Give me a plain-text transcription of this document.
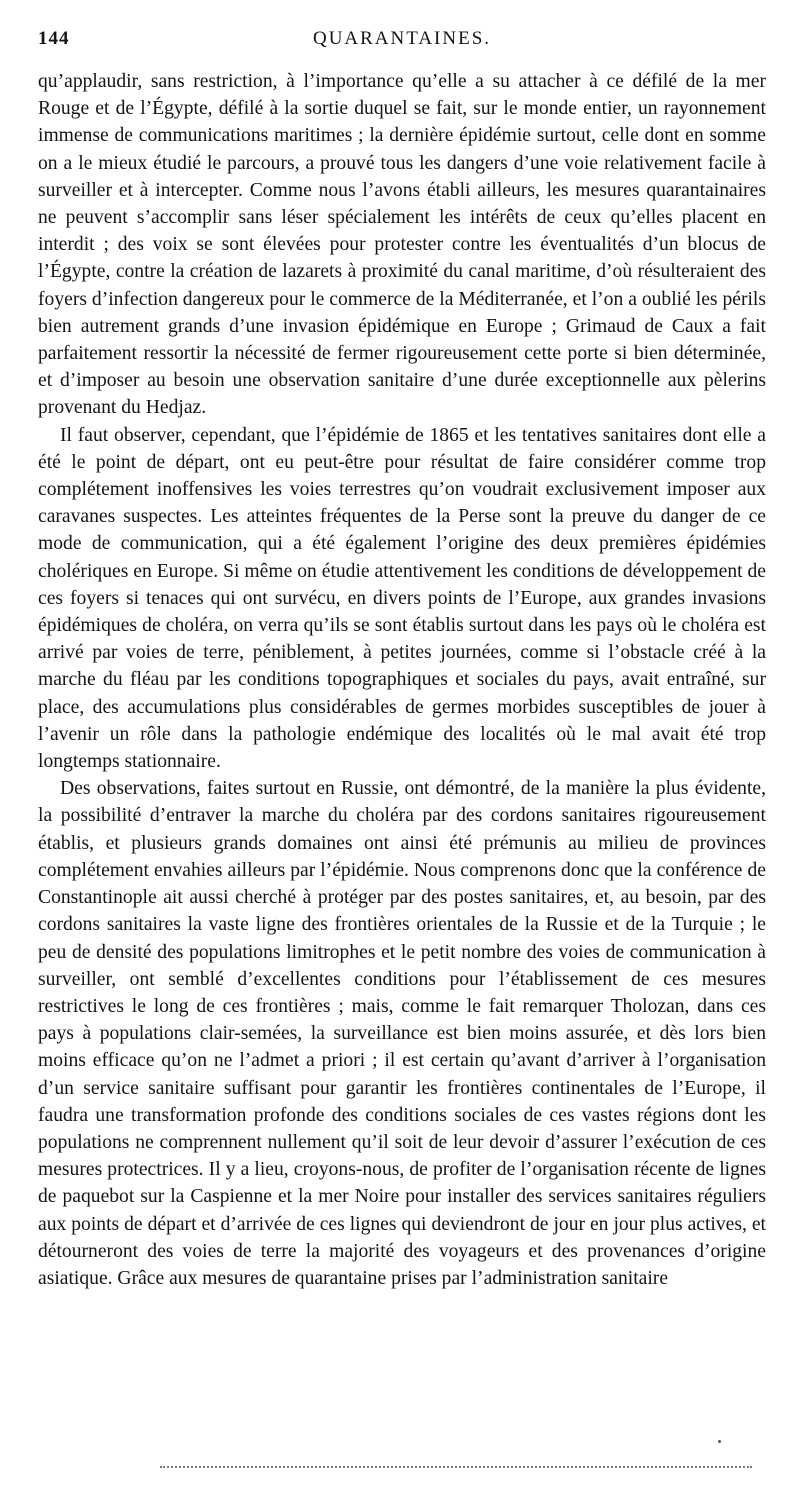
144	QUARANTAINES.

qu’applaudir, sans restriction, à l’importance qu’elle a su attacher à ce défilé de la mer Rouge et de l’Égypte, défilé à la sortie duquel se fait, sur le monde entier, un rayonnement immense de communications maritimes ; la dernière épidémie surtout, celle dont en somme on a le mieux étudié le parcours, a prouvé tous les dangers d’une voie relativement facile à surveiller et à intercepter. Comme nous l’avons établi ailleurs, les mesures quarantainaires ne peuvent s’accomplir sans léser spécialement les intérêts de ceux qu’elles placent en interdit ; des voix se sont élevées pour protester contre les éventualités d’un blocus de l’Égypte, contre la création de lazarets à proximité du canal maritime, d’où résulteraient des foyers d’infection dangereux pour le commerce de la Méditerranée, et l’on a oublié les périls bien autrement grands d’une invasion épidémique en Europe ; Grimaud de Caux a fait parfaitement ressortir la nécessité de fermer rigoureusement cette porte si bien déterminée, et d’imposer au besoin une observation sanitaire d’une durée exceptionnelle aux pèlerins provenant du Hedjaz.

Il faut observer, cependant, que l’épidémie de 1865 et les tentatives sanitaires dont elle a été le point de départ, ont eu peut-être pour résultat de faire considérer comme trop complétement inoffensives les voies terrestres qu’on voudrait exclusivement imposer aux caravanes suspectes. Les atteintes fréquentes de la Perse sont la preuve du danger de ce mode de communication, qui a été également l’origine des deux premières épidémies cholériques en Europe. Si même on étudie attentivement les conditions de développement de ces foyers si tenaces qui ont survécu, en divers points de l’Europe, aux grandes invasions épidémiques de choléra, on verra qu’ils se sont établis surtout dans les pays où le choléra est arrivé par voies de terre, péniblement, à petites journées, comme si l’obstacle créé à la marche du fléau par les conditions topographiques et sociales du pays, avait entraîné, sur place, des accumulations plus considérables de germes morbides susceptibles de jouer à l’avenir un rôle dans la pathologie endémique des localités où le mal avait été trop longtemps stationnaire.

Des observations, faites surtout en Russie, ont démontré, de la manière la plus évidente, la possibilité d’entraver la marche du choléra par des cordons sanitaires rigoureusement établis, et plusieurs grands domaines ont ainsi été prémunis au milieu de provinces complétement envahies ailleurs par l’épidémie. Nous comprenons donc que la conférence de Constantinople ait aussi cherché à protéger par des postes sanitaires, et, au besoin, par des cordons sanitaires la vaste ligne des frontières orientales de la Russie et de la Turquie ; le peu de densité des populations limitrophes et le petit nombre des voies de communication à surveiller, ont semblé d’excellentes conditions pour l’établissement de ces mesures restrictives le long de ces frontières ; mais, comme le fait remarquer Tholozan, dans ces pays à populations clair-semées, la surveillance est bien moins assurée, et dès lors bien moins efficace qu’on ne l’admet a priori ; il est certain qu’avant d’arriver à l’organisation d’un service sanitaire suffisant pour garantir les frontières continentales de l’Europe, il faudra une transformation profonde des conditions sociales de ces vastes régions dont les populations ne comprennent nullement qu’il soit de leur devoir d’assurer l’exécution de ces mesures protectrices. Il y a lieu, croyons-nous, de profiter de l’organisation récente de lignes de paquebot sur la Caspienne et la mer Noire pour installer des services sanitaires réguliers aux points de départ et d’arrivée de ces lignes qui deviendront de jour en jour plus actives, et détourneront des voies de terre la majorité des voyageurs et des provenances d’origine asiatique. Grâce aux mesures de quarantaine prises par l’administration sanitaire
